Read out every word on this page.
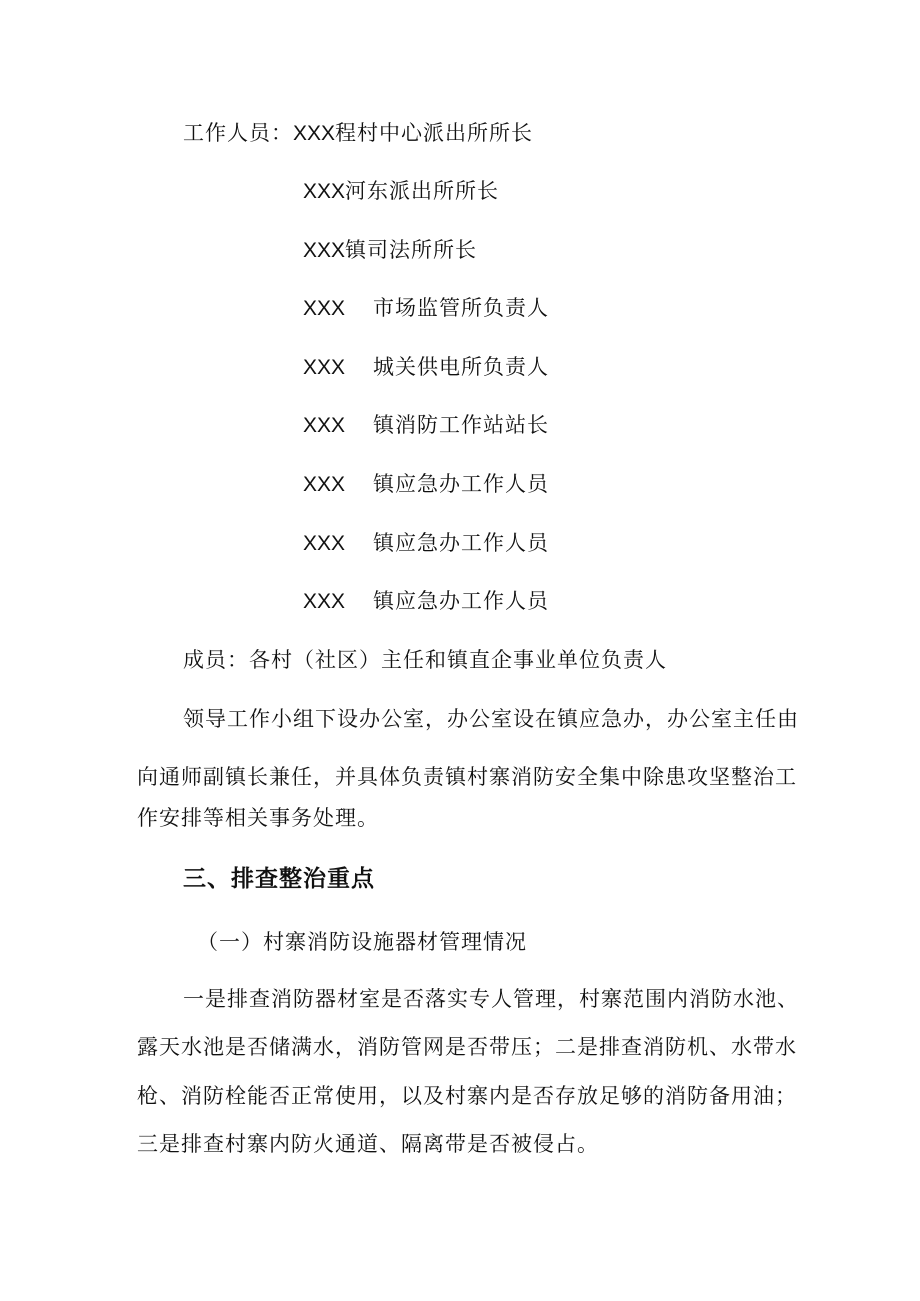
工作人员：XXX程村中心派出所所长
XXX河东派出所所长
XXX镇司法所所长
XXX 市场监管所负责人
XXX 城关供电所负责人
XXX 镇消防工作站站长
XXX 镇应急办工作人员
XXX 镇应急办工作人员
XXX 镇应急办工作人员
成员：各村（社区）主任和镇直企事业单位负责人
领导工作小组下设办公室，办公室设在镇应急办，办公室主任由
向通师副镇长兼任，并具体负责镇村寨消防安全集中除患攻坚整治工
作安排等相关事务处理。
三、排查整治重点
（一）村寨消防设施器材管理情况
一是排查消防器材室是否落实专人管理，村寨范围内消防水池、
露天水池是否储满水，消防管网是否带压；二是排查消防机、水带水
枪、消防栓能否正常使用，以及村寨内是否存放足够的消防备用油；
三是排查村寨内防火通道、隔离带是否被侵占。
